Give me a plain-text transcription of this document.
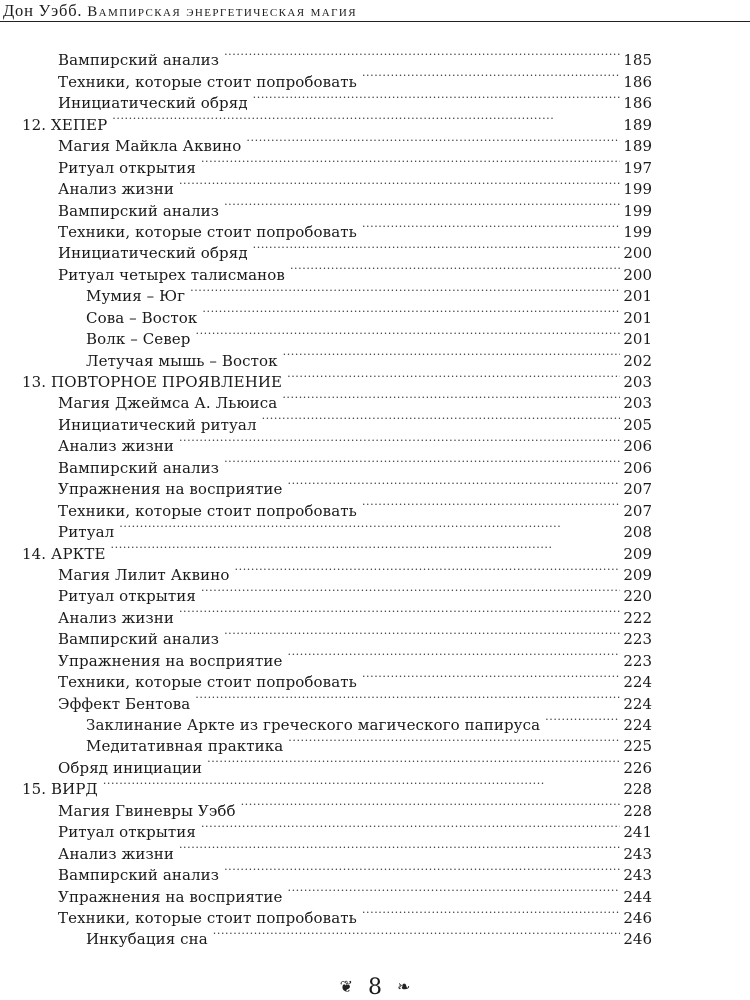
Дон Уэбб. Вампирская энергетическая магия
Вампирский анализ . . .	185
Техники, которые стоит попробовать . . .	186
Инициатический обряд . . .	186
12. ХЕПЕР . . .	189
Магия Майкла Аквино . . .	189
Ритуал открытия . . .	197
Анализ жизни . . .	199
Вампирский анализ . . .	199
Техники, которые стоит попробовать . . .	199
Инициатический обряд . . .	200
Ритуал четырех талисманов . . .	200
Мумия – Юг . . .	201
Сова – Восток . . .	201
Волк – Север . . .	201
Летучая мышь – Восток . . .	202
13. ПОВТОРНОЕ ПРОЯВЛЕНИЕ . . .	203
Магия Джеймса А. Льюиса . . .	203
Инициатический ритуал . . .	205
Анализ жизни . . .	206
Вампирский анализ . . .	206
Упражнения на восприятие . . .	207
Техники, которые стоит попробовать . . .	207
Ритуал . . .	208
14. АРКТЕ . . .	209
Магия Лилит Аквино . . .	209
Ритуал открытия . . .	220
Анализ жизни . . .	222
Вампирский анализ . . .	223
Упражнения на восприятие . . .	223
Техники, которые стоит попробовать . . .	224
Эффект Бентова . . .	224
Заклинание Аркте из греческого магического папируса . . .	224
Медитативная практика . . .	225
Обряд инициации . . .	226
15. ВИРД . . .	228
Магия Гвиневры Уэбб . . .	228
Ритуал открытия . . .	241
Анализ жизни . . .	243
Вампирский анализ . . .	243
Упражнения на восприятие . . .	244
Техники, которые стоит попробовать . . .	246
Инкубация сна . . .	246
❦ 8 ❧
